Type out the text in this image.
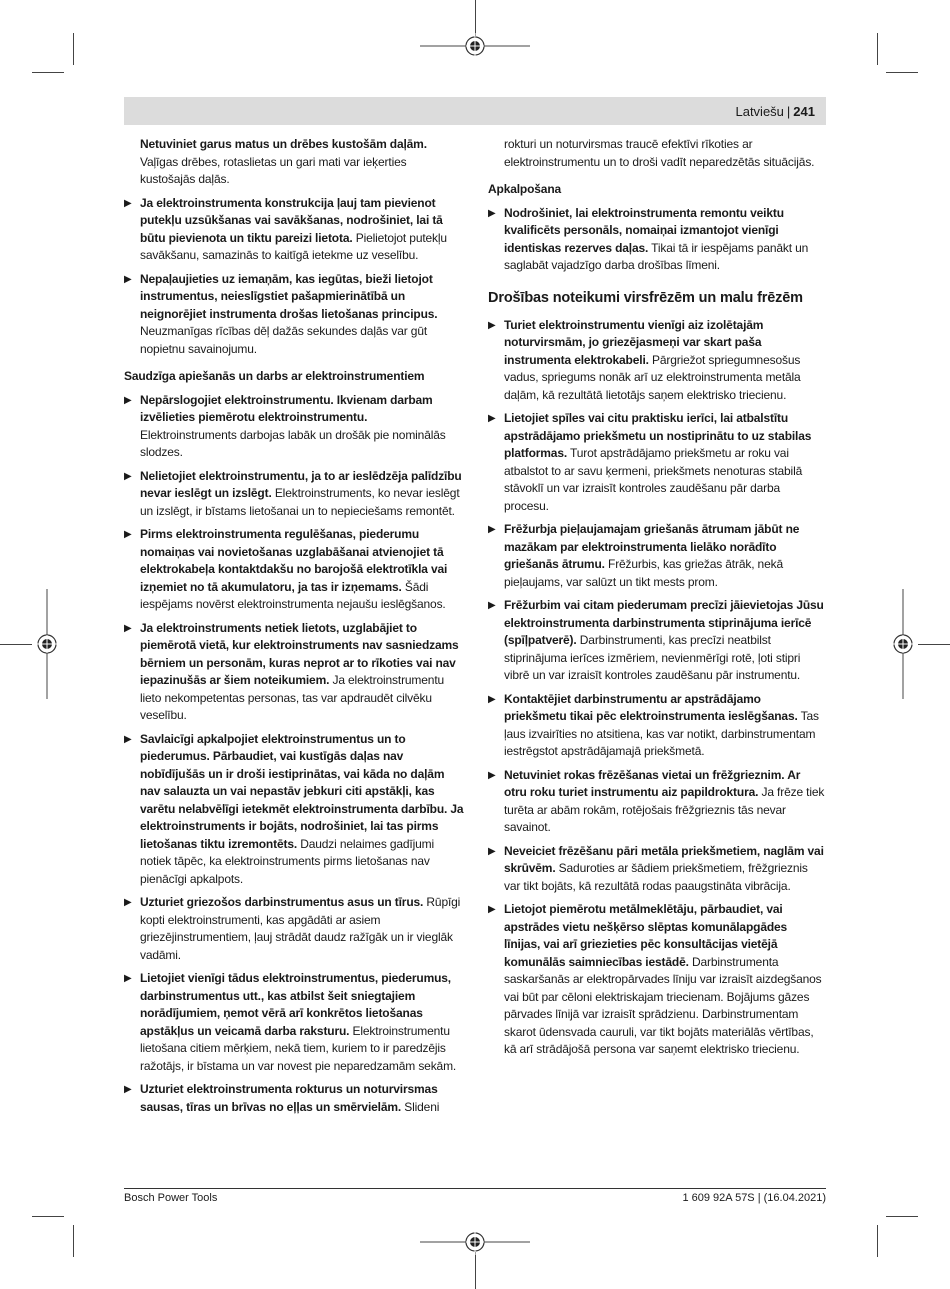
Latviešu | 241

Netuviniet garus matus un drēbes kustošām daļām. Vaļīgas drēbes, rotaslietas un gari mati var ieķerties kustošajās daļās.

▶ Ja elektroinstrumenta konstrukcija ļauj tam pievienot putekļu uzsūkšanas vai savākšanas, nodrošiniet, lai tā būtu pievienota un tiktu pareizi lietota. Pielietojot putekļu savākšanu, samazinās to kaitīgā ietekme uz veselību.

▶ Nepaļaujieties uz iemaņām, kas iegūtas, bieži lietojot instrumentus, neieslīgstiet pašapmierinātībā un neignorējiet instrumenta drošas lietošanas principus. Neuzmanīgas rīcības dēļ dažās sekundes daļās var gūt nopietnu savainojumu.

Saudzīga apiešanās un darbs ar elektroinstrumentiem

▶ Nepārslogojiet elektroinstrumentu. Ikvienam darbam izvēlieties piemērotu elektroinstrumentu. Elektroinstruments darbojas labāk un drošāk pie nominālās slodzes.

▶ Nelietojiet elektroinstrumentu, ja to ar ieslēdzēja palīdzību nevar ieslēgt un izslēgt. Elektroinstruments, ko nevar ieslēgt un izslēgt, ir bīstams lietošanai un to nepieciešams remontēt.

▶ Pirms elektroinstrumenta regulēšanas, piederumu nomaiņas vai novietošanas uzglabāšanai atvienojiet tā elektrokabeļa kontaktdakšu no barojošā elektrotīkla vai izņemiet no tā akumulatoru, ja tas ir izņemams. Šādi iespējams novērst elektroinstrumenta nejaušu ieslēgšanos.

▶ Ja elektroinstruments netiek lietots, uzglabājiet to piemērotā vietā, kur elektroinstruments nav sasniedzams bērniem un personām, kuras neprot ar to rīkoties vai nav iepazinušās ar šiem noteikumiem. Ja elektroinstrumentu lieto nekompetentas personas, tas var apdraudēt cilvēku veselību.

▶ Savlaicīgi apkalpojiet elektroinstrumentus un to piederumus. Pārbaudiet, vai kustīgās daļas nav nobīdījušās un ir droši iestiprinātas, vai kāda no daļām nav salauzta un vai nepastāv jebkuri citi apstākļi, kas varētu nelabvēlīgi ietekmēt elektroinstrumenta darbību. Ja elektroinstruments ir bojāts, nodrošiniet, lai tas pirms lietošanas tiktu izremontēts. Daudzi nelaimes gadījumi notiek tāpēc, ka elektroinstruments pirms lietošanas nav pienācīgi apkalpots.

▶ Uzturiet griezošos darbinstrumentus asus un tīrus. Rūpīgi kopti elektroinstrumenti, kas apgādāti ar asiem griezējinstrumentiem, ļauj strādāt daudz ražīgāk un ir vieglāk vadāmi.

▶ Lietojiet vienīgi tādus elektroinstrumentus, piederumus, darbinstrumentus utt., kas atbilst šeit sniegtajiem norādījumiem, ņemot vērā arī konkrētos lietošanas apstākļus un veicamā darba raksturu. Elektroinstrumentu lietošana citiem mērķiem, nekā tiem, kuriem to ir paredzējis ražotājs, ir bīstama un var novest pie neparedzamām sekām.

▶ Uzturiet elektroinstrumenta rokturus un noturvirsmas sausas, tīras un brīvas no eļļas un smērvielām. Slideni

rokturi un noturvirsmas traucē efektīvi rīkoties ar elektroinstrumentu un to droši vadīt neparedzētās situācijās.

Apkalpošana

▶ Nodrošiniet, lai elektroinstrumenta remontu veiktu kvalificēts personāls, nomaiņai izmantojot vienīgi identiskas rezerves daļas. Tikai tā ir iespējams panākt un saglabāt vajadzīgo darba drošības līmeni.

Drošības noteikumi virsfrēzēm un malu frēzēm

▶ Turiet elektroinstrumentu vienīgi aiz izolētajām noturvirsmām, jo griezējasmeņi var skart paša instrumenta elektrokabeli. Pārgriežot spriegumnesošus vadus, spriegums nonāk arī uz elektroinstrumenta metāla daļām, kā rezultātā lietotājs saņem elektrisko triecienu.

▶ Lietojiet spīles vai citu praktisku ierīci, lai atbalstītu apstrādājamo priekšmetu un nostiprinātu to uz stabilas platformas. Turot apstrādājamo priekšmetu ar roku vai atbalstot to ar savu ķermeni, priekšmets nenoturas stabilā stāvoklī un var izraisīt kontroles zaudēšanu pār darba procesu.

▶ Frēžurbja pieļaujamajam griešanās ātrumam jābūt ne mazākam par elektroinstrumenta lielāko norādīto griešanās ātrumu. Frēžurbis, kas griežas ātrāk, nekā pieļaujams, var salūzt un tikt mests prom.

▶ Frēžurbim vai citam piederumam precīzi jāievietojas Jūsu elektroinstrumenta darbinstrumenta stiprinājuma ierīcē (spīļpatverē). Darbinstrumenti, kas precīzi neatbilst stiprinājuma ierīces izmēriem, nevienmērīgi rotē, ļoti stipri vibrē un var izraisīt kontroles zaudēšanu pār instrumentu.

▶ Kontaktējiet darbinstrumentu ar apstrādājamo priekšmetu tikai pēc elektroinstrumenta ieslēgšanas. Tas ļaus izvairīties no atsitiena, kas var notikt, darbinstrumentam iestrēgstot apstrādājamajā priekšmetā.

▶ Netuviniet rokas frēzēšanas vietai un frēžgrieznim. Ar otru roku turiet instrumentu aiz papildroktura. Ja frēze tiek turēta ar abām rokām, rotējošais frēžgrieznis tās nevar savainot.

▶ Neveiciet frēzēšanu pāri metāla priekšmetiem, naglām vai skrūvēm. Saduroties ar šādiem priekšmetiem, frēžgrieznis var tikt bojāts, kā rezultātā rodas paaugstināta vibrācija.

▶ Lietojot piemērotu metālmeklētāju, pārbaudiet, vai apstrādes vietu nešķērso slēptas komunālapgādes līnijas, vai arī griezieties pēc konsultācijas vietējā komunālās saimniecības iestādē. Darbinstrumenta saskaršanās ar elektropārvades līniju var izraisīt aizdegšanos vai būt par cēloni elektriskajam triecienam. Bojājums gāzes pārvades līnijā var izraisīt sprādzienu. Darbinstrumentam skarot ūdensvada cauruli, var tikt bojāts materiālās vērtības, kā arī strādājošā persona var saņemt elektrisko triecienu.

Bosch Power Tools	1 609 92A 57S | (16.04.2021)
